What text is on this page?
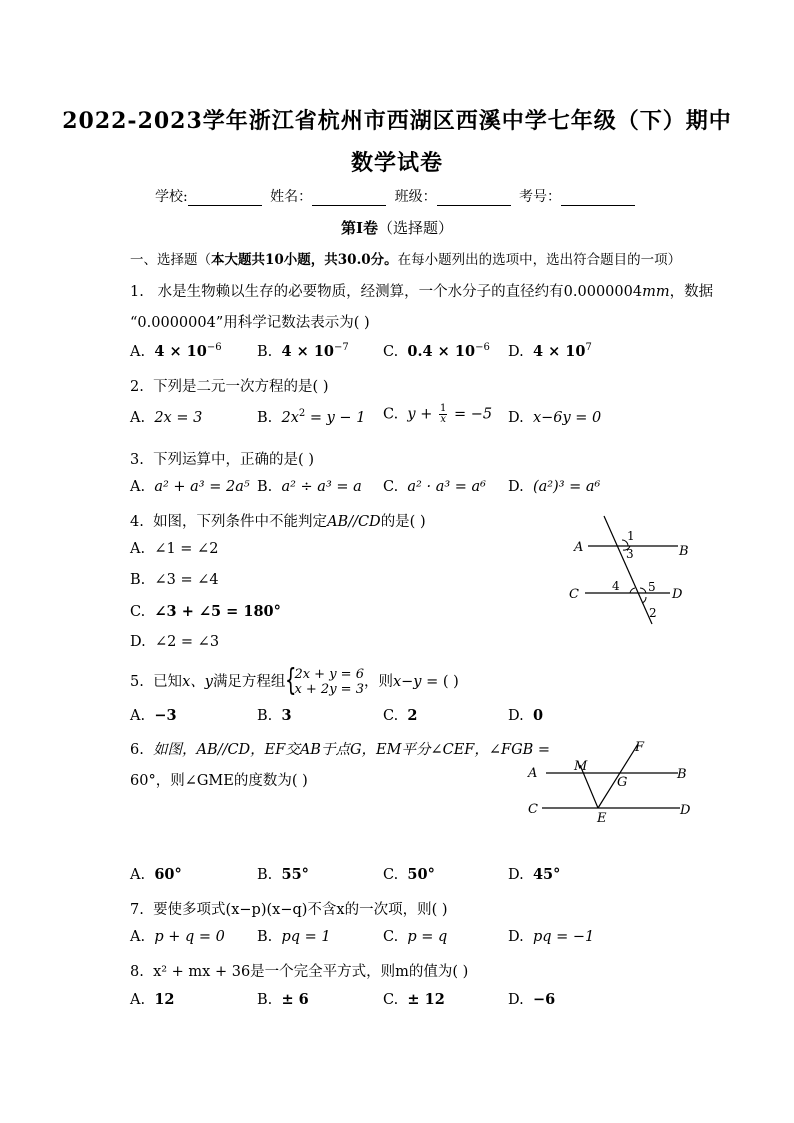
2022-2023学年浙江省杭州市西湖区西溪中学七年级（下）期中
数学试卷
学校:	姓名：	班级：	考号：
第Ⅰ卷（选择题）
一、选择题（本大题共10小题，共30.0分。在每小题列出的选项中，选出符合题目的一项）
1. 水是生物赖以生存的必要物质，经测算，一个水分子的直径约有0.0000004mm，数据
“0.0000004”用科学记数法表示为( )
A. $4 \times 10^{-6}$ B. $4 \times 10^{-7}$ C. $0.4 \times 10^{-6}$ D. $4 \times 10^7$
2. 下列是二元一次方程的是( )
A. 2x = 3	B. $2x^2 = y - 1$ C. $y + \frac{1}{x} = -5$ D. x−6y = 0
3. 下列运算中，正确的是( )
A. a² + a³ = 2a⁵ B. a² ÷ a³ = a C. a² · a³ = a⁶ D. (a²)³ = a⁶
4. 如图，下列条件中不能判定AB//CD的是( )
A. ∠1 = ∠2
B. ∠3 = ∠4
C. ∠3 + ∠5 = 180°
D. ∠2 = ∠3
A	B
C	D
1
3
4 5
2
5. 已知x、y满足方程组 {
2x + y = 6
x + 2y = 3 ，则x−y = ( )
A. −3	B. 3	C. 2	D. 0
6. 如图，AB//CD，EF交AB于点G，EM平分∠CEF，∠FGB =
60°，则∠GME的度数为( )	A	B
C	D
M
F
G
E
A. 60°	B. 55°	C. 50°	D. 45°
7. 要使多项式(x−p)(x−q)不含x的一次项，则( )
A. p + q = 0 B. pq = 1	C. p = q	D. pq = −1
8. x² + mx + 36是一个完全平方式，则m的值为( )
A. 12	B. ± 6	C. ± 12	D. −6
